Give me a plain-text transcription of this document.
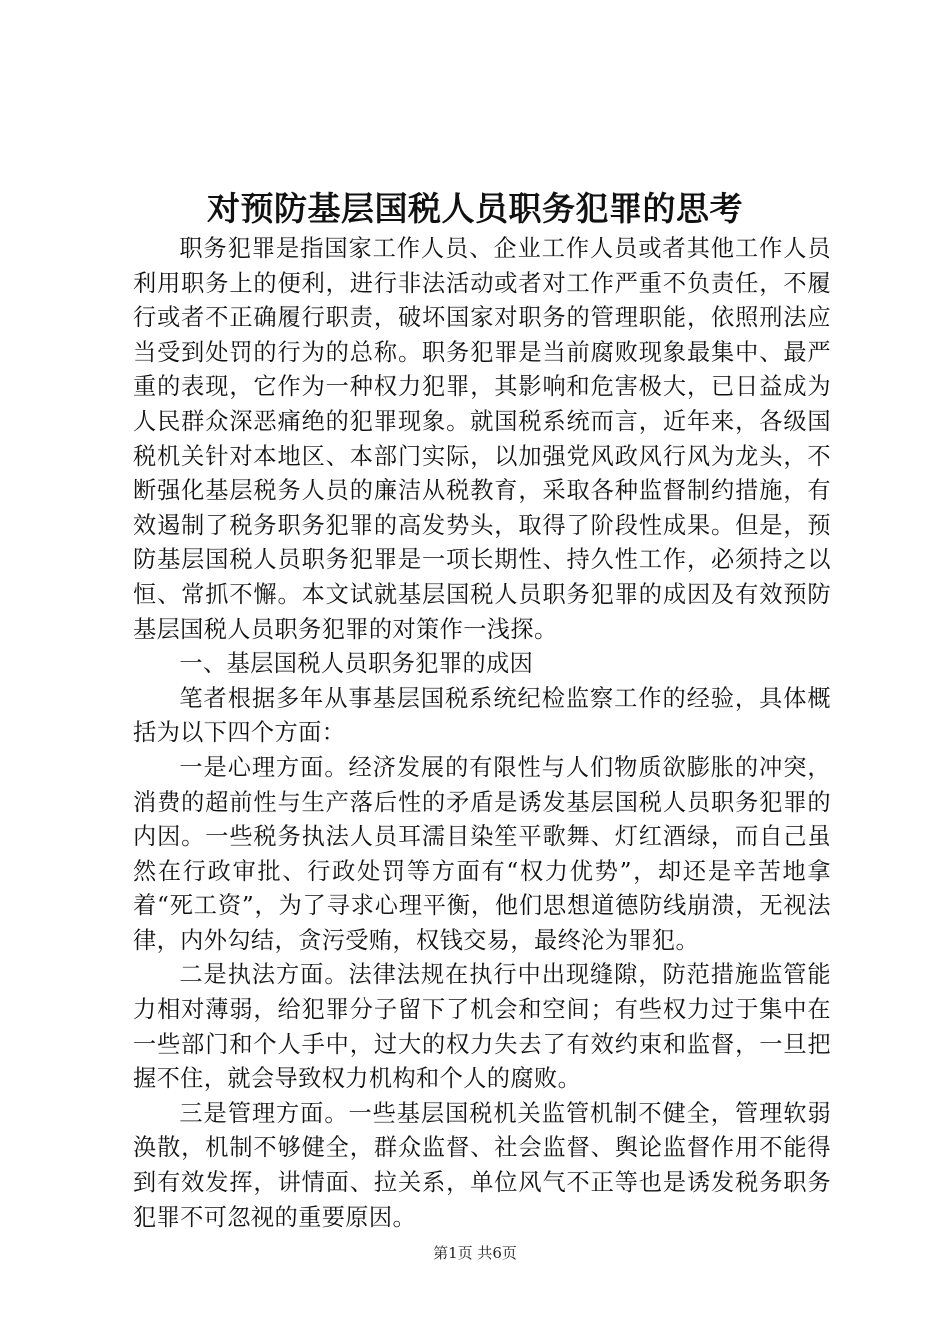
对预防基层国税人员职务犯罪的思考

职务犯罪是指国家工作人员、企业工作人员或者其他工作人员利用职务上的便利，进行非法活动或者对工作严重不负责任，不履行或者不正确履行职责，破坏国家对职务的管理职能，依照刑法应当受到处罚的行为的总称。职务犯罪是当前腐败现象最集中、最严重的表现，它作为一种权力犯罪，其影响和危害极大，已日益成为人民群众深恶痛绝的犯罪现象。就国税系统而言，近年来，各级国税机关针对本地区、本部门实际，以加强党风政风行风为龙头，不断强化基层税务人员的廉洁从税教育，采取各种监督制约措施，有效遏制了税务职务犯罪的高发势头，取得了阶段性成果。但是，预防基层国税人员职务犯罪是一项长期性、持久性工作，必须持之以恒、常抓不懈。本文试就基层国税人员职务犯罪的成因及有效预防基层国税人员职务犯罪的对策作一浅探。

一、基层国税人员职务犯罪的成因

笔者根据多年从事基层国税系统纪检监察工作的经验，具体概括为以下四个方面：

一是心理方面。经济发展的有限性与人们物质欲膨胀的冲突，消费的超前性与生产落后性的矛盾是诱发基层国税人员职务犯罪的内因。一些税务执法人员耳濡目染笙平歌舞、灯红酒绿，而自己虽然在行政审批、行政处罚等方面有“权力优势”，却还是辛苦地拿着“死工资”，为了寻求心理平衡，他们思想道德防线崩溃，无视法律，内外勾结，贪污受贿，权钱交易，最终沦为罪犯。

二是执法方面。法律法规在执行中出现缝隙，防范措施监管能力相对薄弱，给犯罪分子留下了机会和空间；有些权力过于集中在一些部门和个人手中，过大的权力失去了有效约束和监督，一旦把握不住，就会导致权力机构和个人的腐败。

三是管理方面。一些基层国税机关监管机制不健全，管理软弱涣散，机制不够健全，群众监督、社会监督、舆论监督作用不能得到有效发挥，讲情面、拉关系，单位风气不正等也是诱发税务职务犯罪不可忽视的重要原因。

第1页 共6页
